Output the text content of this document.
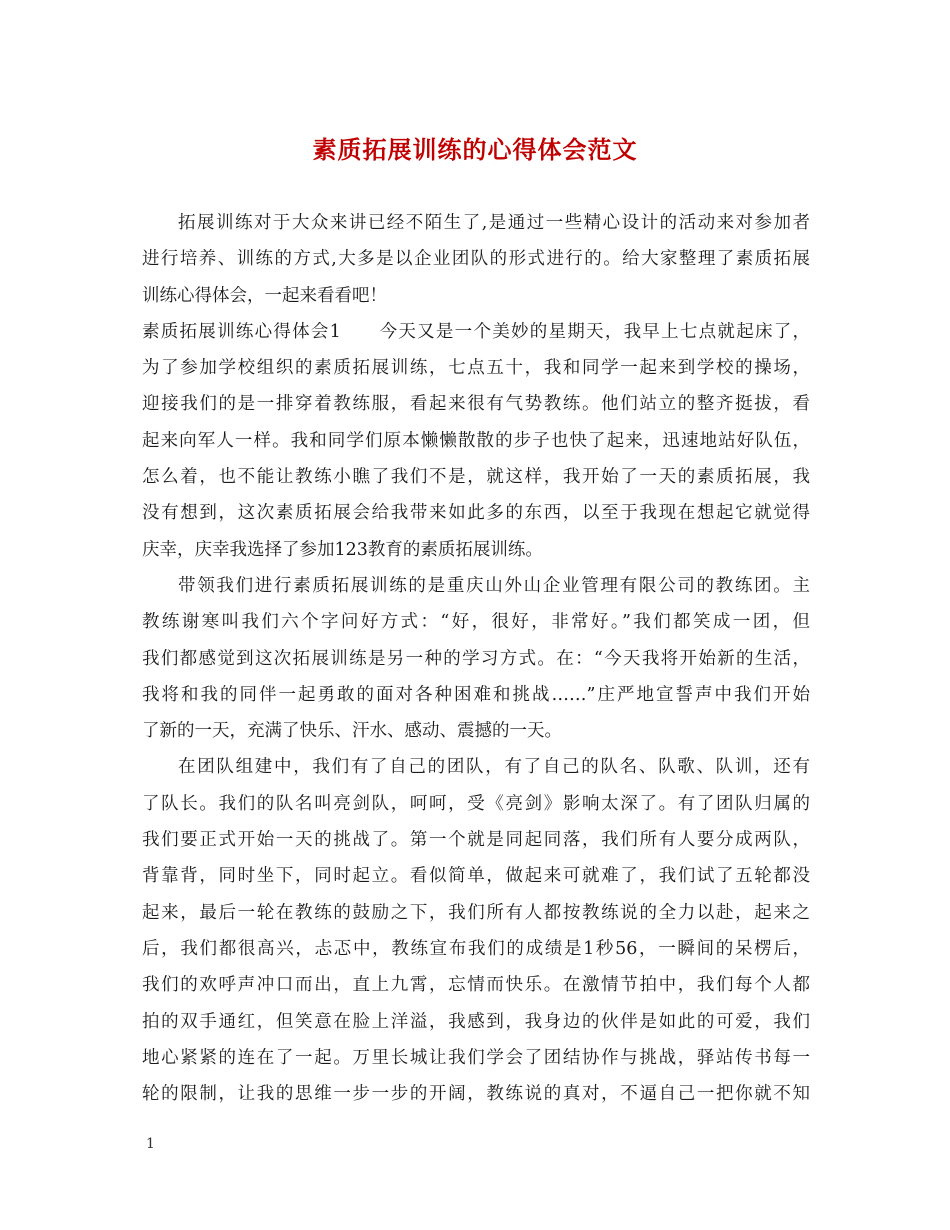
素质拓展训练的心得体会范文
拓展训练对于大众来讲已经不陌生了,是通过一些精心设计的活动来对参加者
进行培养、训练的方式,大多是以企业团队的形式进行的。给大家整理了素质拓展
训练心得体会，一起来看看吧！
素质拓展训练心得体会1　　今天又是一个美妙的星期天，我早上七点就起床了，
为了参加学校组织的素质拓展训练，七点五十，我和同学一起来到学校的操场，
迎接我们的是一排穿着教练服，看起来很有气势教练。他们站立的整齐挺拔，看
起来向军人一样。我和同学们原本懒懒散散的步子也快了起来，迅速地站好队伍，
怎么着，也不能让教练小瞧了我们不是，就这样，我开始了一天的素质拓展，我
没有想到，这次素质拓展会给我带来如此多的东西，以至于我现在想起它就觉得
庆幸，庆幸我选择了参加123教育的素质拓展训练。
带领我们进行素质拓展训练的是重庆山外山企业管理有限公司的教练团。主
教练谢寒叫我们六个字问好方式：“好，很好，非常好。”我们都笑成一团，但
我们都感觉到这次拓展训练是另一种的学习方式。在：“今天我将开始新的生活，
我将和我的同伴一起勇敢的面对各种困难和挑战……”庄严地宣誓声中我们开始
了新的一天，充满了快乐、汗水、感动、震撼的一天。
在团队组建中，我们有了自己的团队，有了自己的队名、队歌、队训，还有
了队长。我们的队名叫亮剑队，呵呵，受《亮剑》影响太深了。有了团队归属的
我们要正式开始一天的挑战了。第一个就是同起同落，我们所有人要分成两队，
背靠背，同时坐下，同时起立。看似简单，做起来可就难了，我们试了五轮都没
起来，最后一轮在教练的鼓励之下，我们所有人都按教练说的全力以赴，起来之
后，我们都很高兴，忐忑中，教练宣布我们的成绩是1秒56，一瞬间的呆楞后，
我们的欢呼声冲口而出，直上九霄，忘情而快乐。在激情节拍中，我们每个人都
拍的双手通红，但笑意在脸上洋溢，我感到，我身边的伙伴是如此的可爱，我们
地心紧紧的连在了一起。万里长城让我们学会了团结协作与挑战，驿站传书每一
轮的限制，让我的思维一步一步的开阔，教练说的真对，不逼自己一把你就不知
1
